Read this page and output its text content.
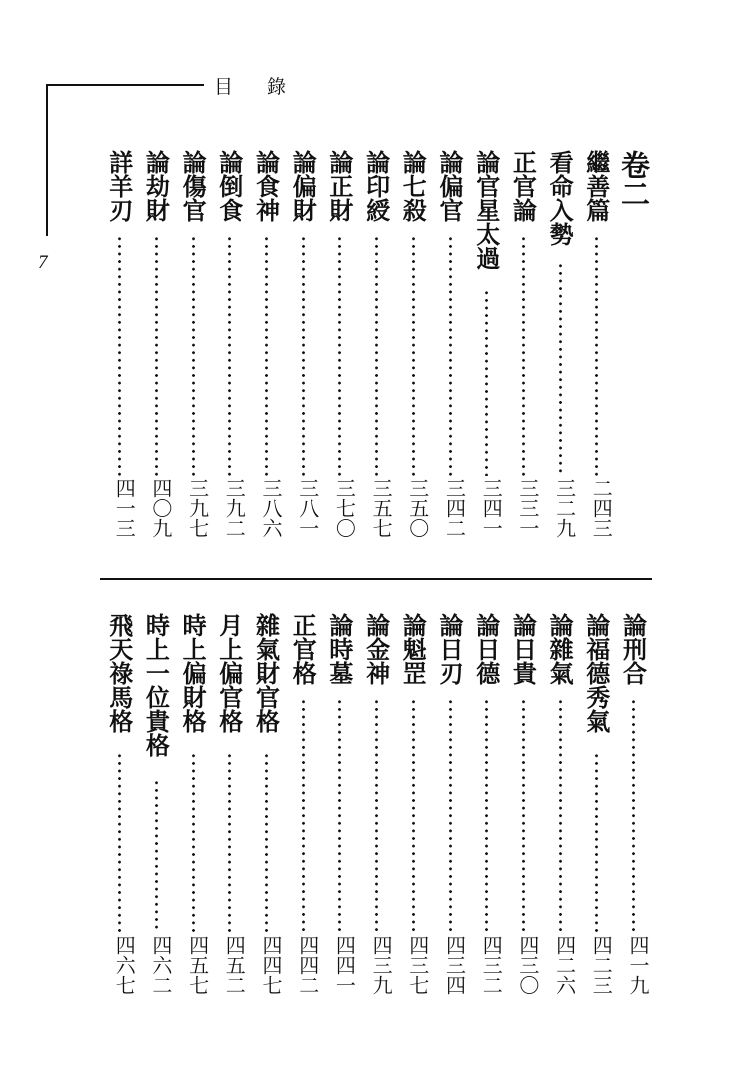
目 錄
7
卷二
繼善篇
二四三
看命入勢
三二九
正官論
三三一
論官星太過
三四一
論偏官
三四二
論七殺
三五〇
論印綬
三五七
論正財
三七〇
論偏財
三八一
論食神
三八六
論倒食
三九二
論傷官
三九七
論劫財
四〇九
詳羊刃
四一三
論刑合
四一九
論福德秀氣
四二三
論雜氣
四二六
論日貴
四三〇
論日德
四三二
論日刃
四三四
論魁罡
四三七
論金神
四三九
論時墓
四四一
正官格
四四二
雜氣財官格
四四七
月上偏官格
四五二
時上偏財格
四五七
時上一位貴格
四六二
飛天祿馬格
四六七
